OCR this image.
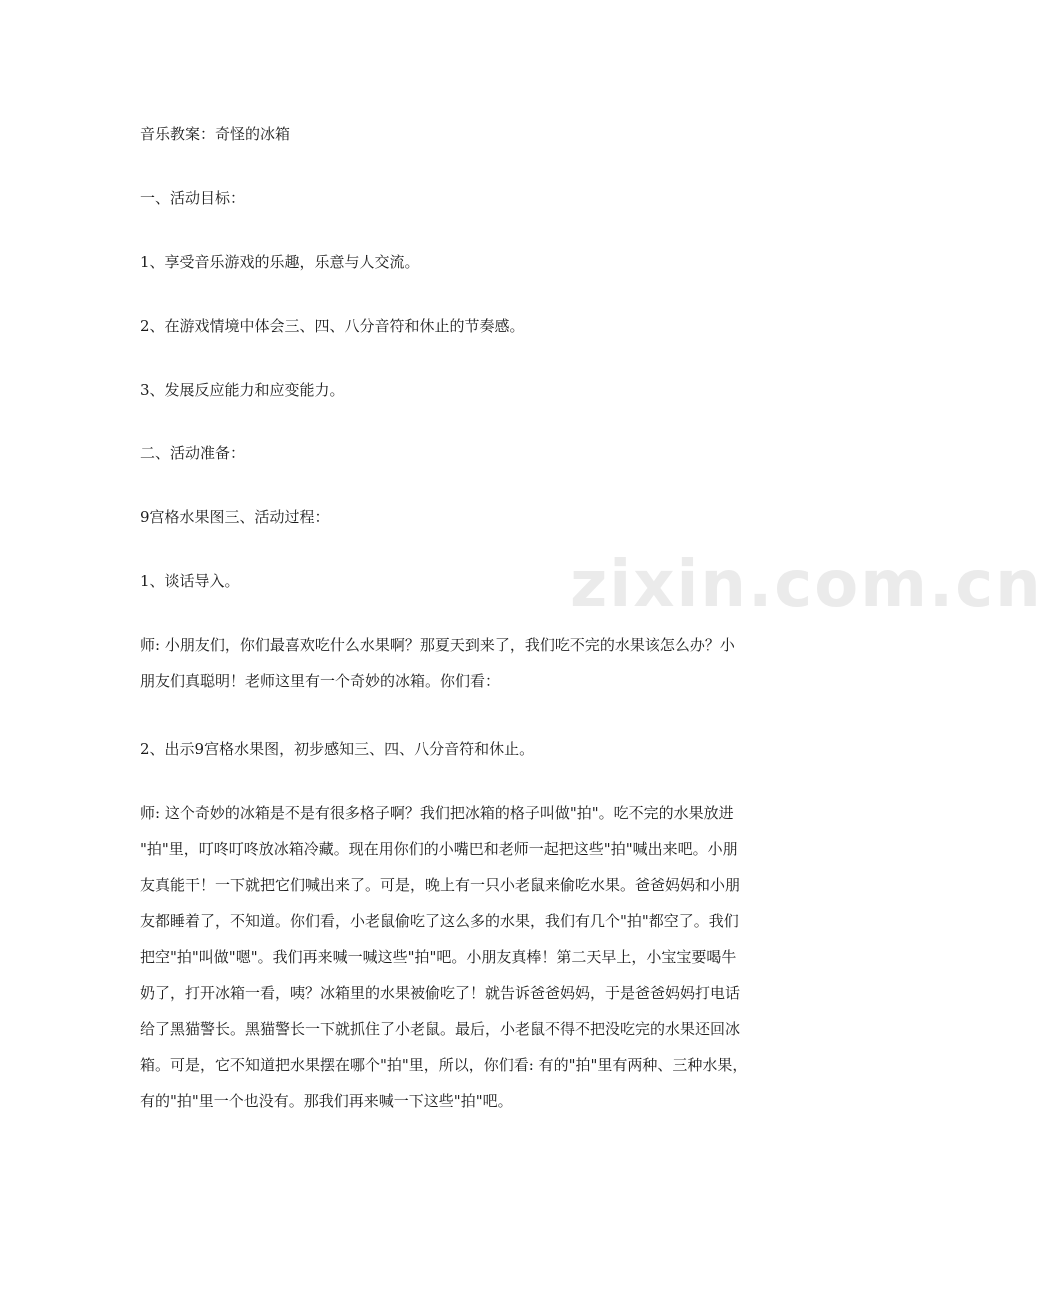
zixin.com.cn
音乐教案：奇怪的冰箱
一、活动目标：
1、享受音乐游戏的乐趣，乐意与人交流。
2、在游戏情境中体会三、四、八分音符和休止的节奏感。
3、发展反应能力和应变能力。
二、活动准备：
9宫格水果图三、活动过程：
1、谈话导入。
师: 小朋友们，你们最喜欢吃什么水果啊？那夏天到来了，我们吃不完的水果该怎么办？小
朋友们真聪明！老师这里有一个奇妙的冰箱。你们看：
2、出示9宫格水果图，初步感知三、四、八分音符和休止。
师: 这个奇妙的冰箱是不是有很多格子啊？我们把冰箱的格子叫做"拍"。吃不完的水果放进
"拍"里，叮咚叮咚放冰箱冷藏。现在用你们的小嘴巴和老师一起把这些"拍"喊出来吧。小朋
友真能干！一下就把它们喊出来了。可是，晚上有一只小老鼠来偷吃水果。爸爸妈妈和小朋
友都睡着了，不知道。你们看，小老鼠偷吃了这么多的水果，我们有几个"拍"都空了。我们
把空"拍"叫做"嗯"。我们再来喊一喊这些"拍"吧。小朋友真棒！第二天早上，小宝宝要喝牛
奶了，打开冰箱一看，咦？冰箱里的水果被偷吃了！就告诉爸爸妈妈，于是爸爸妈妈打电话
给了黑猫警长。黑猫警长一下就抓住了小老鼠。最后，小老鼠不得不把没吃完的水果还回冰
箱。可是，它不知道把水果摆在哪个"拍"里，所以，你们看: 有的"拍"里有两种、三种水果，
有的"拍"里一个也没有。那我们再来喊一下这些"拍"吧。
